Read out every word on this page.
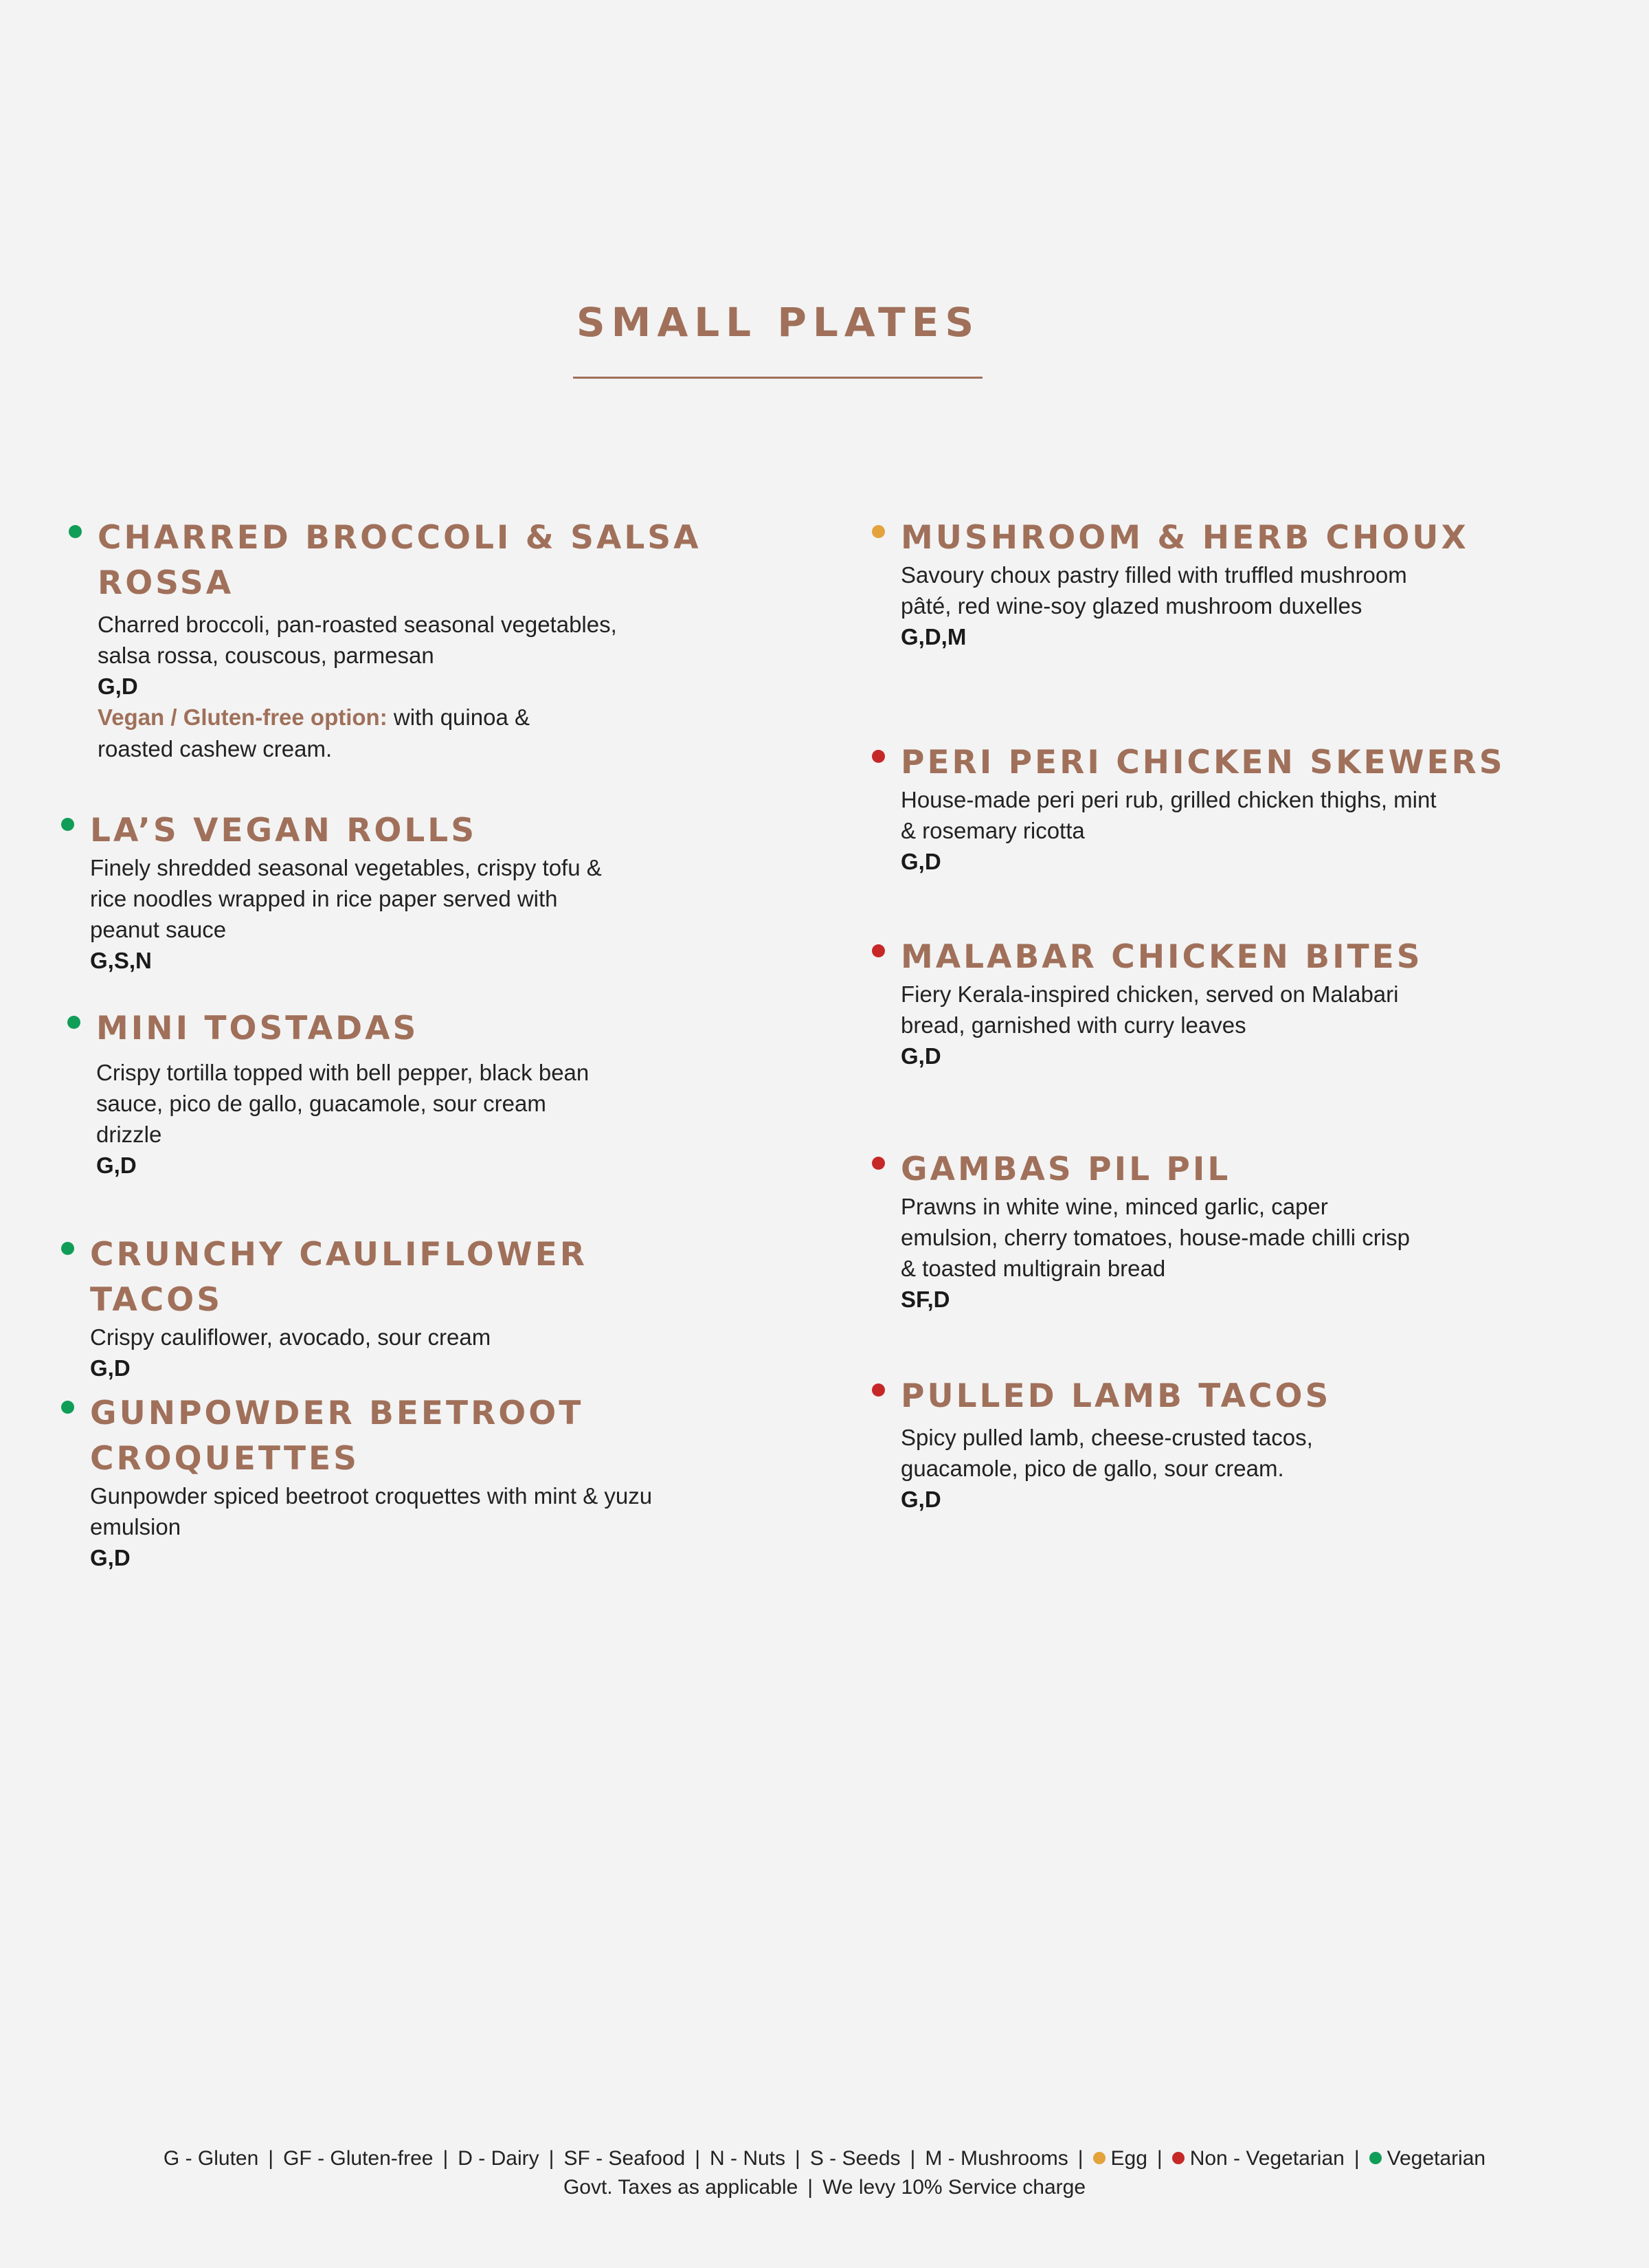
SMALL PLATES
CHARRED BROCCOLI & SALSA ROSSA

Charred broccoli, pan-roasted seasonal vegetables, salsa rossa, couscous, parmesan

G,D

Vegan / Gluten-free option: with quinoa & roasted cashew cream.

LA’S VEGAN ROLLS

Finely shredded seasonal vegetables, crispy tofu & rice noodles wrapped in rice paper served with peanut sauce

G,S,N

MINI TOSTADAS

Crispy tortilla topped with bell pepper, black bean sauce, pico de gallo, guacamole, sour cream drizzle

G,D

CRUNCHY CAULIFLOWER TACOS

Crispy cauliflower, avocado, sour cream

G,D

GUNPOWDER BEETROOT CROQUETTES

Gunpowder spiced beetroot croquettes with mint & yuzu emulsion

G,D

MUSHROOM & HERB CHOUX

Savoury choux pastry filled with truffled mushroom pâté, red wine-soy glazed mushroom duxelles

G,D,M

PERI PERI CHICKEN SKEWERS

House-made peri peri rub, grilled chicken thighs, mint & rosemary ricotta

G,D

MALABAR CHICKEN BITES

Fiery Kerala-inspired chicken, served on Malabari bread, garnished with curry leaves

G,D

GAMBAS PIL PIL

Prawns in white wine, minced garlic, caper emulsion, cherry tomatoes, house-made chilli crisp & toasted multigrain bread

SF,D

PULLED LAMB TACOS

Spicy pulled lamb, cheese-crusted tacos, guacamole, pico de gallo, sour cream.

G,D

G - Gluten | GF - Gluten-free | D - Dairy | SF - Seafood | N - Nuts | S - Seeds | M - Mushrooms | Egg | Non - Vegetarian | Vegetarian
Govt. Taxes as applicable | We levy 10% Service charge
